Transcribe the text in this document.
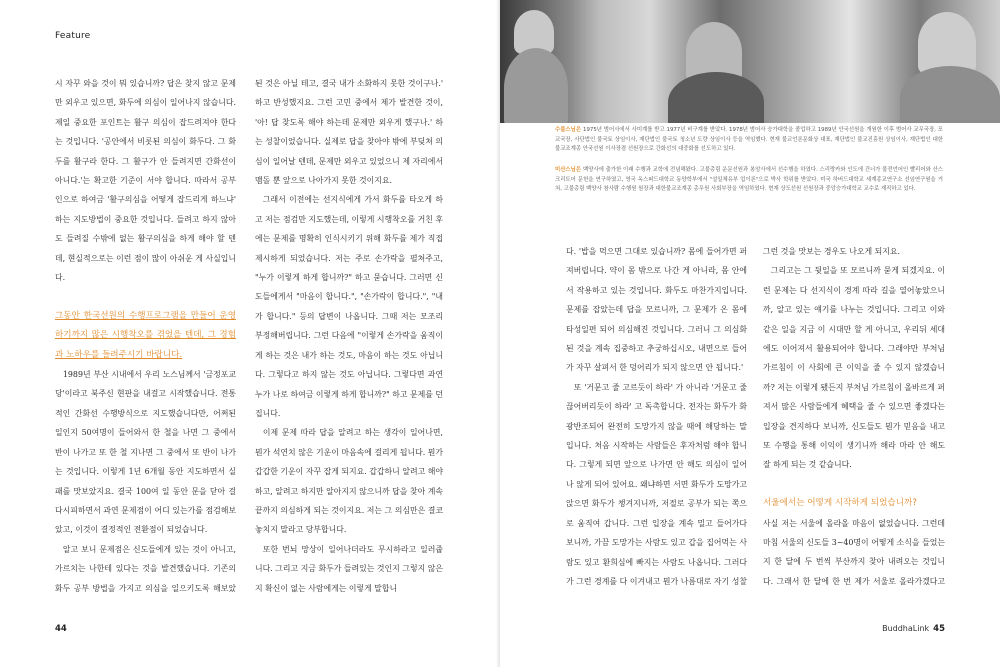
Feature

시 자꾸 와을 것이 뭐 있습니까? 답은 찾지 않고 문제만 외우고 있으면, 화두에 의심이 일어나지 않습니다. 제일 중요한 포인트는 활구 의심이 잡드려져야 한다는 것입니다. '공안에서 비롯된 의심이 화두다. 그 화두를 활구라 한다. 그 활구가 안 들려지면 간화선이 아니다.'는 확고한 기준이 서야 합니다. 따라서 공부인으로 하여금 '활구의심을 어떻게 잡드리게 하느냐' 하는 지도방법이 중요한 것입니다. 들려고 하지 않아도 들려질 수밖에 없는 활구의심을 하게 해야 할 텐데, 현실적으로는 이런 점이 많이 아쉬운 게 사실입니다.

그동안 한국선원의 수행프로그램을 만들어 운영하기까지 많은 시행착오를 겪었을 텐데, 그 경험과 노하우를 들려주시기 바랍니다.

1989년 부산 시내에서 우리 노스님께서 '금정포교당'이라고 북주신 현판을 내걸고 시작했습니다. 전통적인 간화선 수행방식으로 지도했습니다만, 어쩌된 일인지 50여명이 들어와서 한 철을 나면 그 중에서 반이 나가고 또 한 철 지나면 그 중에서 또 반이 나가는 것입니다. 이렇게 1년 6개월 동안 지도하면서 실패를 맛보았지요. 결국 100여 일 동안 문을 닫아 걸다시피하면서 과연 문제점이 어디 있는가를 점검해보았고, 이것이 결정적인 전환점이 되었습니다.

알고 보니 문제점은 신도들에게 있는 것이 아니고, 가르치는 나한테 있다는 것을 발견했습니다. 기존의 화두 공부 방법을 가지고 의심을 일으키도록 해보았

된 것은 아닐 테고, 결국 내가 소화하지 못한 것이구나.' 하고 반성했지요. 그런 고민 중에서 제가 발견한 것이, '아! 답 찾도록 해야 하는데 문제만 외우게 했구나.' 하는 성찰이었습니다. 실제로 답을 찾아야 밖에 부딪쳐 의심이 일어날 텐데, 문제만 외우고 있었으니 제 자리에서 맴돌 뿐 앞으로 나아가지 못한 것이지요.

그래서 이전에는 선지식에게 가서 화두를 타오게 하고 저는 점검만 지도했는데, 이렇게 시행착오를 거친 후에는 문제를 명확히 인식시키기 위해 화두를 제가 직접 제시하게 되었습니다. 저는 주로 손가락을 펼쳐주고, "누가 이렇게 하게 합니까?" 하고 묻습니다. 그러면 신도들에게서 "마음이 합니다.", "손가락이 합니다.", "내가 합니다." 등의 답변이 나옵니다. 그때 저는 모조리 부정해버립니다. 그런 다음에 "이렇게 손가락을 움직이게 하는 것은 내가 하는 것도, 마음이 하는 것도 아닙니다. 그렇다고 하지 않는 것도 아닙니다. 그렇다면 과연 누가 나로 하여금 이렇게 하게 합니까?" 하고 문제를 던집니다.

이제 문제 따라 답을 알려고 하는 생각이 일어나면, 뭔가 석연치 않은 기운이 마음속에 걸리게 됩니다. 뭔가 갑갑한 기운이 자꾸 잡게 되지요. 갑갑하니 알려고 해야 하고, 알려고 하지만 알아지지 않으니까 답을 찾아 계속 끝까지 의심하게 되는 것이지요. 저는 그 의심만은 결코 놓치지 말라고 당부합니다.

또한 번뇌 망상이 일어나더라도 무시하라고 일러줍니다. 그리고 지금 화두가 들려있는 것인지 그렇지 않은지 확신이 없는 사람에게는 이렇게 말합니

44
수불스님은 1975년 범어사에서 사미계를 받고 1977년 비구계를 받았다. 1978년 범어사 승가대학을 졸업하고 1989년 안국선원을 개원한 이후 범어사 교무국장, 포교국장, 사단법인 불국토 상임이사, 재단법인 불국토 청소년 도량 상임이사 등을 역임했다. 현재 불교언론문화상 대표, 재단법인 불교진흥원 상임이사, 재단법인 대한불교조계종 안국선원 이사장겸 선원장으로 간화선의 대중화를 선도하고 있다.
미산스님은 백양사에 출가한 이래 수행과 교학에 전념해왔다. 고불총림 운문선원과 봉암사에서 선수행을 하였다. 스리랑카와 인도에 건너가 불전언어인 빨리어와 산스크리트어 문헌을 연구하였고, 영국 옥스퍼드대학교 동양학부에서 "설일체유부 업이론"으로 박사 학위를 받았다. 미국 하버드대학교 세계종교연구소 선임연구원을 거쳐, 고불총림 백양사 참사람 수행원 원장과 대한불교조계종 총무원 사회부장을 역임하였다. 현재 상도선원 선원장과 중앙승가대학교 교수로 재직하고 있다.

다. '밥을 먹으면 그대로 있습니까? 몸에 들어가면 퍼져버립니다. 약이 몸 밖으로 나간 게 아니라, 몸 안에서 작용하고 있는 것입니다. 화두도 마찬가지입니다. 문제를 잡았는데 답을 모르니까, 그 문제가 온 몸에 타성일편 되어 의심해진 것입니다. 그러니 그 의심화된 것을 계속 집중하고 추궁하십시오, 내면으로 들어가 자꾸 살펴서 한 덩어리가 되지 않으면 안 됩니다.'

또 '거문고 줄 고르듯이 하라' 가 아니라 '거문고 줄 끊어버리듯이 하라' 고 독촉합니다. 전자는 화두가 화광반조되어 완전히 도망가지 않을 때에 해당하는 말입니다. 처음 시작하는 사람들은 후자처럼 해야 합니다. 그렇게 되면 앞으로 나가면 안 해도 의심이 일어나 않게 되어 있어요. 왜냐하면 서면 화두가 도망가고 앉으면 화두가 챙겨지니까, 저절로 공부가 되는 쪽으로 움직여 갑니다. 그런 입장을 계속 밀고 들어가다 보니까, 가끔 도망가는 사람도 있고 갑을 집어먹는 사람도 있고 환희심에 빠지는 사람도 나옵니다. 그러다가 그런 경계를 다 이겨내고 뭔가 나름대로 자기 성찰

그런 것을 맛보는 경우도 나오게 되지요.

그리고는 그 뒷일을 또 모르니까 묻게 되겠지요. 이런 문제는 다 선지식이 경계 따라 길을 열어놓았으니까, 알고 있는 얘기를 나누는 것입니다. 그리고 이와 같은 일을 지금 이 시대만 할 게 아니고, 우리뒤 세대에도 이어져서 활용되어야 합니다. 그래야만 부처님 가르침이 이 사회에 큰 이익을 줄 수 있지 않겠습니까? 저는 이렇게 됐든지 부처님 가르침이 올바르게 퍼져서 많은 사람들에게 혜택을 줄 수 있으면 좋겠다는 입장을 견지하다 보니까, 신도들도 뭔가 믿음을 내고 또 수행을 통해 이익이 생기니까 해라 마라 안 해도 잘 하게 되는 것 같습니다.

서울에서는 어떻게 시작하게 되었습니까?

사실 저는 서울에 올라올 마음이 없었습니다. 그런데 마침 서울의 신도들 3~40명이 어떻게 소식을 들었는지 한 달에 두 번씩 부산까지 찾아 내려오는 것입니다. 그래서 한 달에 한 번 제가 서울로 올라가겠다고

BuddhaLink 45
